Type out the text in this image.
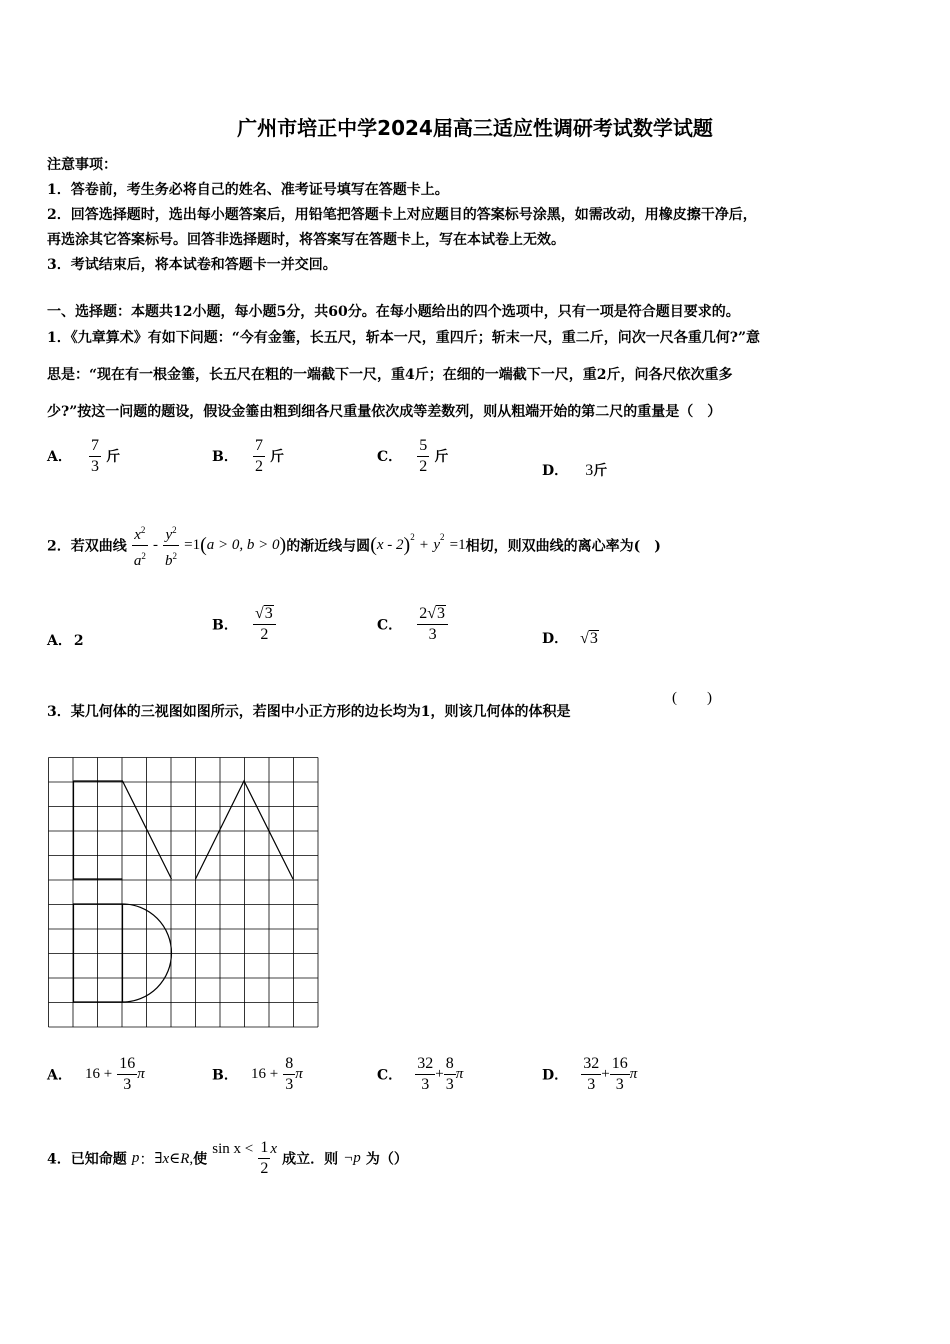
广州市培正中学2024届高三适应性调研考试数学试题
注意事项：
1．答卷前，考生务必将自己的姓名、准考证号填写在答题卡上。
2．回答选择题时，选出每小题答案后，用铅笔把答题卡上对应题目的答案标号涂黑，如需改动，用橡皮擦干净后，
再选涂其它答案标号。回答非选择题时，将答案写在答题卡上，写在本试卷上无效。
3．考试结束后，将本试卷和答题卡一并交回。
一、选择题：本题共12小题，每小题5分，共60分。在每小题给出的四个选项中，只有一项是符合题目要求的。
1．《九章算术》有如下问题：“今有金箠，长五尺，斩本一尺，重四斤；斩末一尺，重二斤，问次一尺各重几何?”意
思是：“现在有一根金箠，长五尺在粗的一端截下一尺，重4斤；在细的一端截下一尺，重2斤，问各尺依次重多
少?”按这一问题的题设，假设金箠由粗到细各尺重量依次成等差数列，则从粗端开始的第二尺的重量是（　）
A． $\frac{7}{3}$ 斤	B． $\frac{7}{2}$ 斤	C． $\frac{5}{2}$ 斤
D． 3斤
2．若双曲线 $\frac{x^2}{a^2} - \frac{y^2}{b^2} =1(a > 0$, b > 0)的渐近线与圆$(x - 2)^2 + y^2 =1$相切，则双曲线的离心率为(　)
A． 2
B． $\frac{√3}{2}$	C． $\frac{2√3}{3}$	D． √3
3．某几何体的三视图如图所示，若图中小正方形的边长均为1，则该几何体的体积是
(　　)
A． $16 + \frac{16}{3}$ π	B． $16 + \frac{8}{3}$ π	C． $\frac{32}{3} + \frac{8}{3}$ π	D． $\frac{32}{3} + \frac{16}{3}$ π
4．已知命题 p：∃x∈R,使 $\sin x < \frac{1}{2}$ x 成立．则 ¬p 为（）
